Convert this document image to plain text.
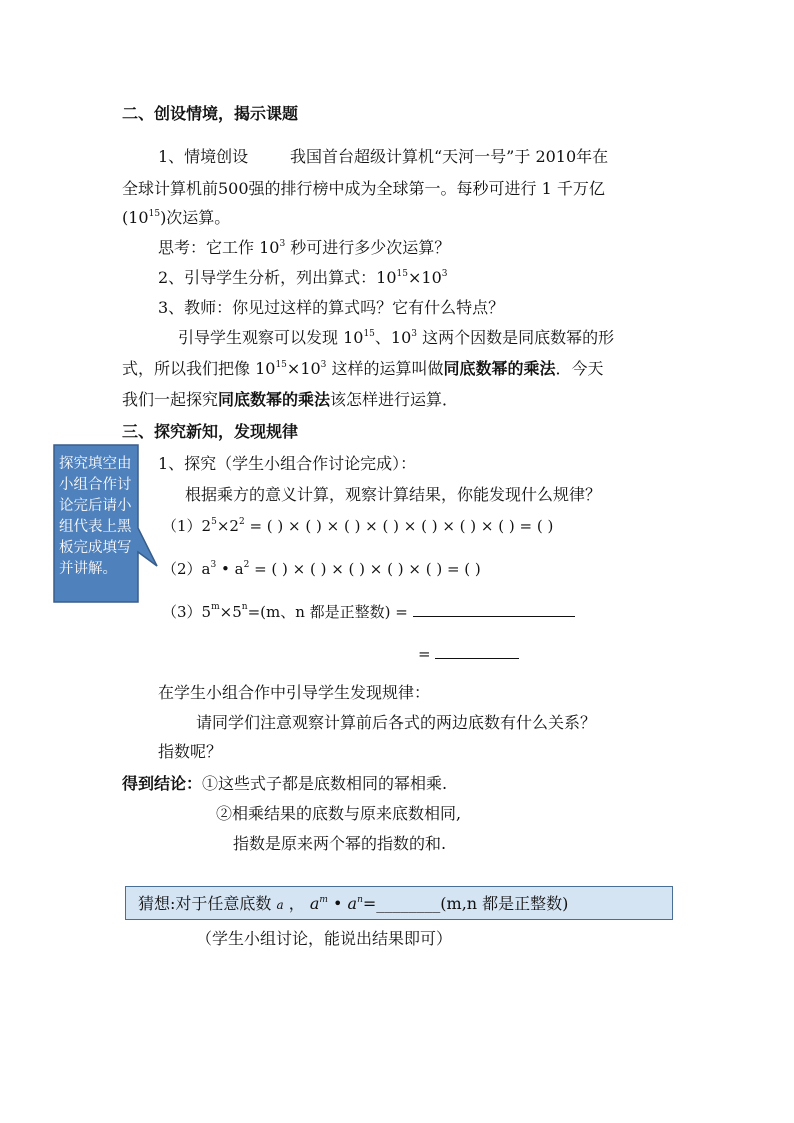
二、创设情境，揭示课题
1、情境创设	我国首台超级计算机“天河一号”于 2010年在
全球计算机前500强的排行榜中成为全球第一。每秒可进行 1 千万亿
$(10^{15})$次运算。
思考：它工作 $10^3$ 秒可进行多少次运算？
2、引导学生分析，列出算式：$10^{15}\times 10^3$
3、教师：你见过这样的算式吗？它有什么特点？
引导学生观察可以发现 $10^{15}$、$10^3$ 这两个因数是同底数幂的形
式，所以我们把像 $10^{15}\times 10^3$ 这样的运算叫做同底数幂的乘法．今天
我们一起探究同底数幂的乘法该怎样进行运算．
三、探究新知，发现规律
1、探究（学生小组合作讨论完成）：
根据乘方的意义计算，观察计算结果，你能发现什么规律？
$(1)2^5\times 2^2$ = ( ) × ( ) × ( ) × ( ) × ( ) × ( ) × ( ) = ( )
$(2)a^3$ • $a^2$ = ( ) × ( ) × ( ) × ( ) × ( ) = ( )
$(3)5^m\times 5^n=(m$、n 都是正整数) =
=
在学生小组合作中引导学生发现规律：
请同学们注意观察计算前后各式的两边底数有什么关系？
指数呢？
得到结论：①这些式子都是底数相同的幂相乘.
②相乘结果的底数与原来底数相同,
指数是原来两个幂的指数的和.
猜想:对于任意底数 a ， $a^m$ • $a^n=\_\_\_\_\_\_\_\_(m,n$ 都是正整数)
（学生小组讨论，能说出结果即可）
探究填空由小组合作讨论完后请小组代表上黑板完成填写并讲解。
